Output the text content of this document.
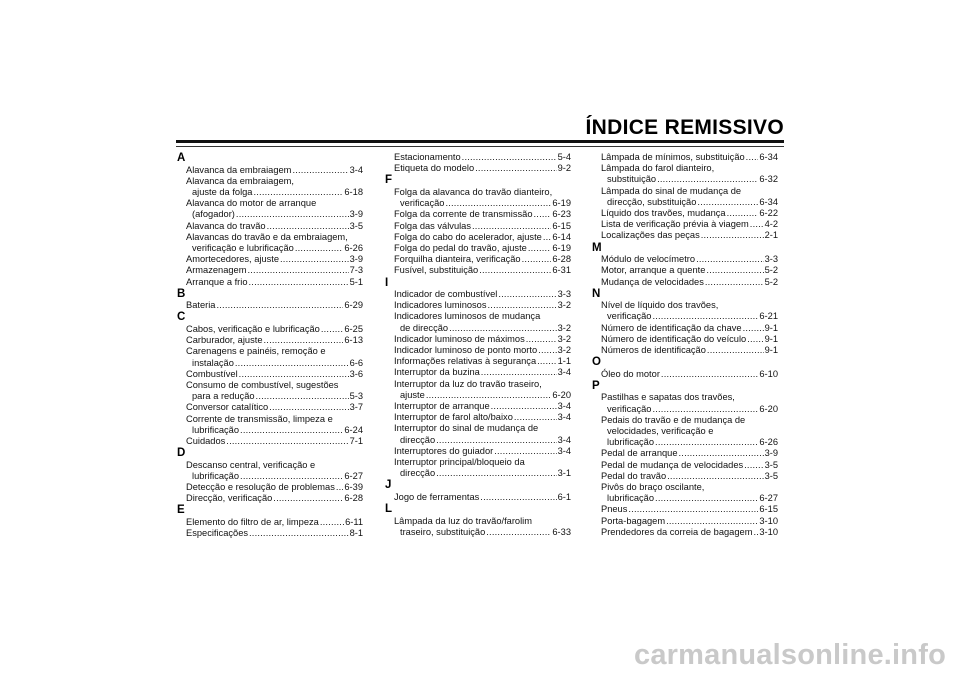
ÍNDICE REMISSIVO
A
Alavanca da embraiagem .....	3-4
Alavanca da embraiagem,
ajuste da folga .....	6-18
Alavanca do motor de arranque
(afogador) .....	3-9
Alavanca do travão .....	3-5
Alavancas do travão e da embraiagem,
verificação e lubrificação .....	6-26
Amortecedores, ajuste .....	3-9
Armazenagem .....	7-3
Arranque a frio .....	5-1
B
Bateria .....	6-29
C
Cabos, verificação e lubrificação .....	6-25
Carburador, ajuste .....	6-13
Carenagens e painéis, remoção e
instalação .....	6-6
Combustível .....	3-6
Consumo de combustível, sugestões
para a redução .....	5-3
Conversor catalítico .....	3-7
Corrente de transmissão, limpeza e
lubrificação .....	6-24
Cuidados .....	7-1
D
Descanso central, verificação e
lubrificação .....	6-27
Detecção e resolução de problemas ..... 6-39
Direcção, verificação .....	6-28
E
Elemento do filtro de ar, limpeza .....	6-11
Especificações .....	8-1
Estacionamento .....	5-4
Etiqueta do modelo .....	9-2
F
Folga da alavanca do travão dianteiro,
verificação .....	6-19
Folga da corrente de transmissão ..... 6-23
Folga das válvulas .....	6-15
Folga do cabo do acelerador, ajuste ..... 6-14
Folga do pedal do travão, ajuste .....	6-19
Forquilha dianteira, verificação .....	6-28
Fusível, substituição .....	6-31
I
Indicador de combustível .....	3-3
Indicadores luminosos .....	3-2
Indicadores luminosos de mudança
de direcção .....	3-2
Indicador luminoso de máximos .....	3-2
Indicador luminoso de ponto morto ..... 3-2
Informações relativas à segurança ..... 1-1
Interruptor da buzina .....	3-4
Interruptor da luz do travão traseiro,
ajuste .....	6-20
Interruptor de arranque .....	3-4
Interruptor de farol alto/baixo .....	3-4
Interruptor do sinal de mudança de
direcção .....	3-4
Interruptores do guiador .....	3-4
Interruptor principal/bloqueio da
direcção .....	3-1
J
Jogo de ferramentas .....	6-1
L
Lâmpada da luz do travão/farolim
traseiro, substituição .....	6-33
Lâmpada de mínimos, substituição ..... 6-34
Lâmpada do farol dianteiro,
substituição .....	6-32
Lâmpada do sinal de mudança de
direcção, substituição .....	6-34
Líquido dos travões, mudança .....	6-22
Lista de verificação prévia à viagem ..... 4-2
Localizações das peças .....	2-1
M
Módulo de velocímetro .....	3-3
Motor, arranque a quente .....	5-2
Mudança de velocidades .....	5-2
N
Nível de líquido dos travões,
verificação .....	6-21
Número de identificação da chave ..... 9-1
Número de identificação do veículo ..... 9-1
Números de identificação .....	9-1
O
Óleo do motor .....	6-10
P
Pastilhas e sapatas dos travões,
verificação .....	6-20
Pedais do travão e de mudança de
velocidades, verificação e
lubrificação .....	6-26
Pedal de arranque .....	3-9
Pedal de mudança de velocidades ..... 3-5
Pedal do travão .....	3-5
Pivôs do braço oscilante,
lubrificação .....	6-27
Pneus .....	6-15
Porta-bagagem .....	3-10
Prendedores da correia de bagagem ..... 3-10
carmanualsonline.info
